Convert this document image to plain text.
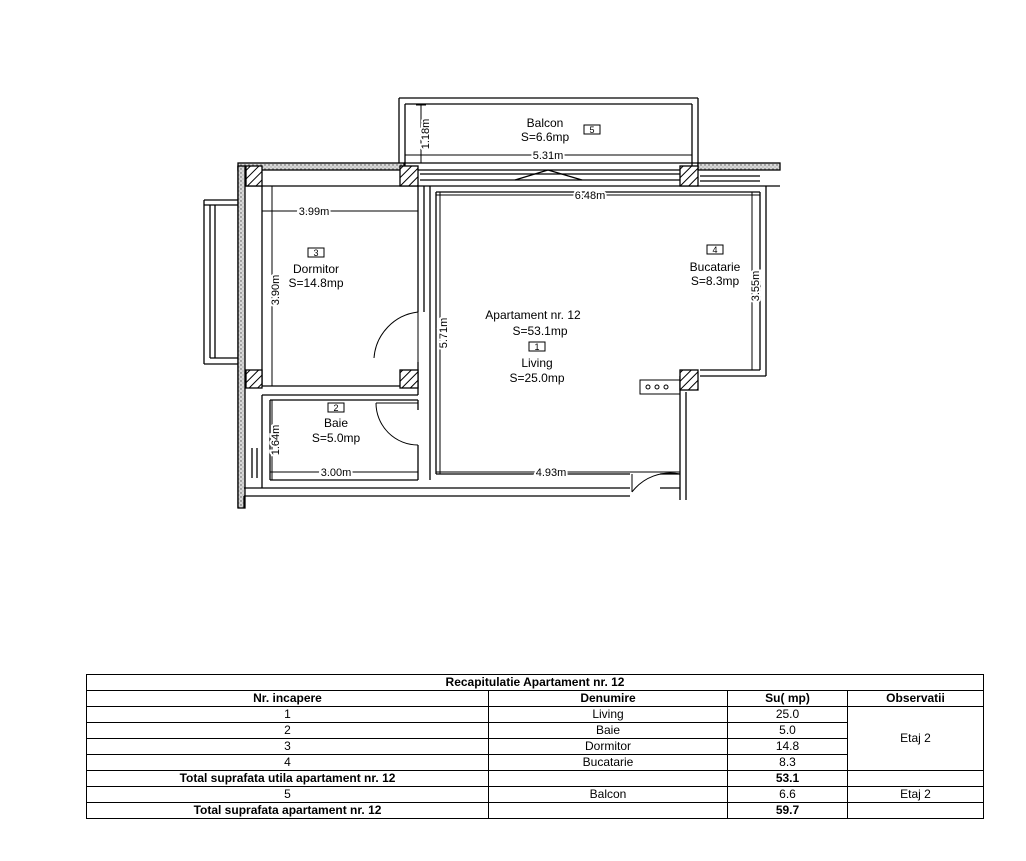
1.18m
5.31m
6.48m
3.99m
3.90m
5.71m
3.55m
1.64m
3.00m	4.93m
Balcon
S=6.6mp 5
3
Dormitor
S=14.8mp
4
Bucatarie
S=8.3mp
Apartament nr. 12
S=53.1mp
1
Living
S=25.0mp
2
Baie
S=5.0mp
Recapitulatie Apartament nr. 12			
Nr. incapere	Denumire	Su( mp)	Observatii
1	Living	25.0	Etaj 2
2	Baie	5.0	
3	Dormitor	14.8	
4	Bucatarie	8.3	
Total suprafata utila apartament nr. 12		53.1	
5	Balcon	6.6	Etaj 2
Total suprafata apartament nr. 12		59.7	
